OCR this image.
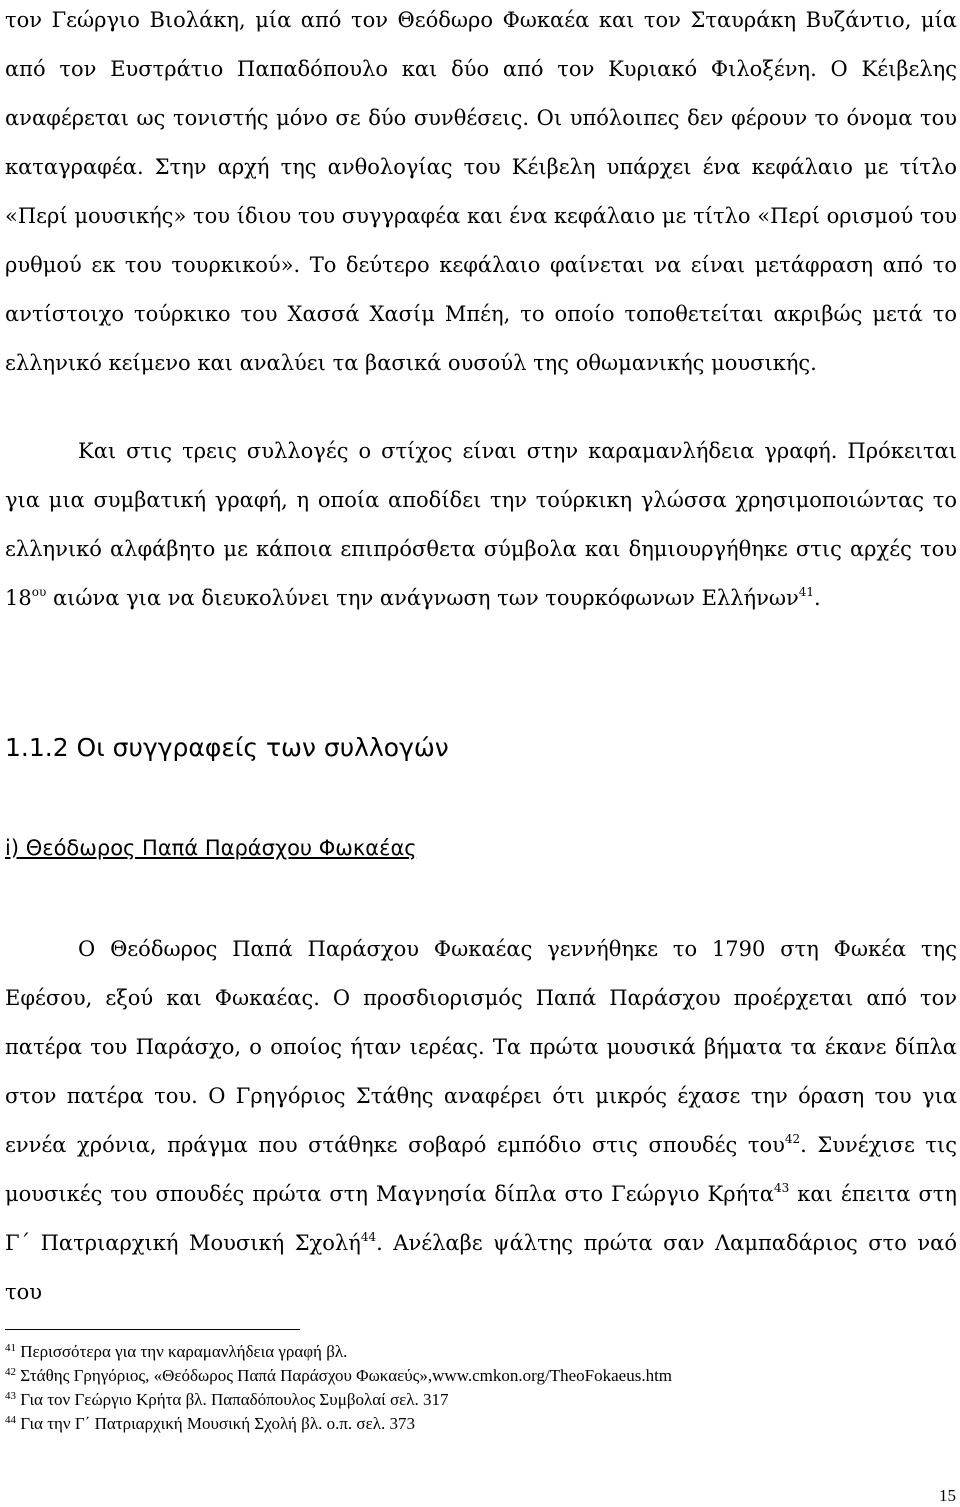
τον Γεώργιο Βιολάκη, μία από τον Θεόδωρο Φωκαέα και τον Σταυράκη Βυζάντιο, μία από τον Ευστράτιο Παπαδόπουλο και δύο από τον Κυριακό Φιλοξένη. Ο Κέιβελης αναφέρεται ως τονιστής μόνο σε δύο συνθέσεις. Οι υπόλοιπες δεν φέρουν το όνομα του καταγραφέα. Στην αρχή της ανθολογίας του Κέιβελη υπάρχει ένα κεφάλαιο με τίτλο «Περί μουσικής» του ίδιου του συγγραφέα και ένα κεφάλαιο με τίτλο «Περί ορισμού του ρυθμού εκ του τουρκικού». Το δεύτερο κεφάλαιο φαίνεται να είναι μετάφραση από το αντίστοιχο τούρκικο του Χασσά Χασίμ Μπέη, το οποίο τοποθετείται ακριβώς μετά το ελληνικό κείμενο και αναλύει τα βασικά ουσούλ της οθωμανικής μουσικής.

Και στις τρεις συλλογές ο στίχος είναι στην καραμανλήδεια γραφή. Πρόκειται για μια συμβατική γραφή, η οποία αποδίδει την τούρκικη γλώσσα χρησιμοποιώντας το ελληνικό αλφάβητο με κάποια επιπρόσθετα σύμβολα και δημιουργήθηκε στις αρχές του $18^{o\upsilon}$ αιώνα για να διευκολύνει την ανάγνωση των τουρκόφωνων Ελλήνων$^{41}$.

1.1.2 Οι συγγραφείς των συλλογών
i) Θεόδωρος Παπά Παράσχου Φωκαέας

Ο Θεόδωρος Παπά Παράσχου Φωκαέας γεννήθηκε το 1790 στη Φωκέα της Εφέσου, εξού και Φωκαέας. Ο προσδιορισμός Παπά Παράσχου προέρχεται από τον πατέρα του Παράσχο, ο οποίος ήταν ιερέας. Τα πρώτα μουσικά βήματα τα έκανε δίπλα στον πατέρα του. Ο Γρηγόριος Στάθης αναφέρει ότι μικρός έχασε την όραση του για εννέα χρόνια, πράγμα που στάθηκε σοβαρό εμπόδιο στις σπουδές του$^{42}$. Συνέχισε τις μουσικές του σπουδές πρώτα στη Μαγνησία δίπλα στο Γεώργιο Κρήτα$^{43}$ και έπειτα στη Γ΄ Πατριαρχική Μουσική Σχολή$^{44}$. Ανέλαβε ψάλτης πρώτα σαν Λαμπαδάριος στο ναό του

$^{41}$ Περισσότερα για την καραμανλήδεια γραφή βλ.

$^{42}$ Στάθης Γρηγόριος, «Θεόδωρος Παπά Παράσχου Φωκαεύς»,www.cmkon.org/TheoFokaeus.htm

$^{43}$ Για τον Γεώργιο Κρήτα βλ. Παπαδόπουλος Συμβολαί σελ. 317

$^{44}$ Για την Γ΄ Πατριαρχική Μουσική Σχολή βλ. ο.π. σελ. 373

15
